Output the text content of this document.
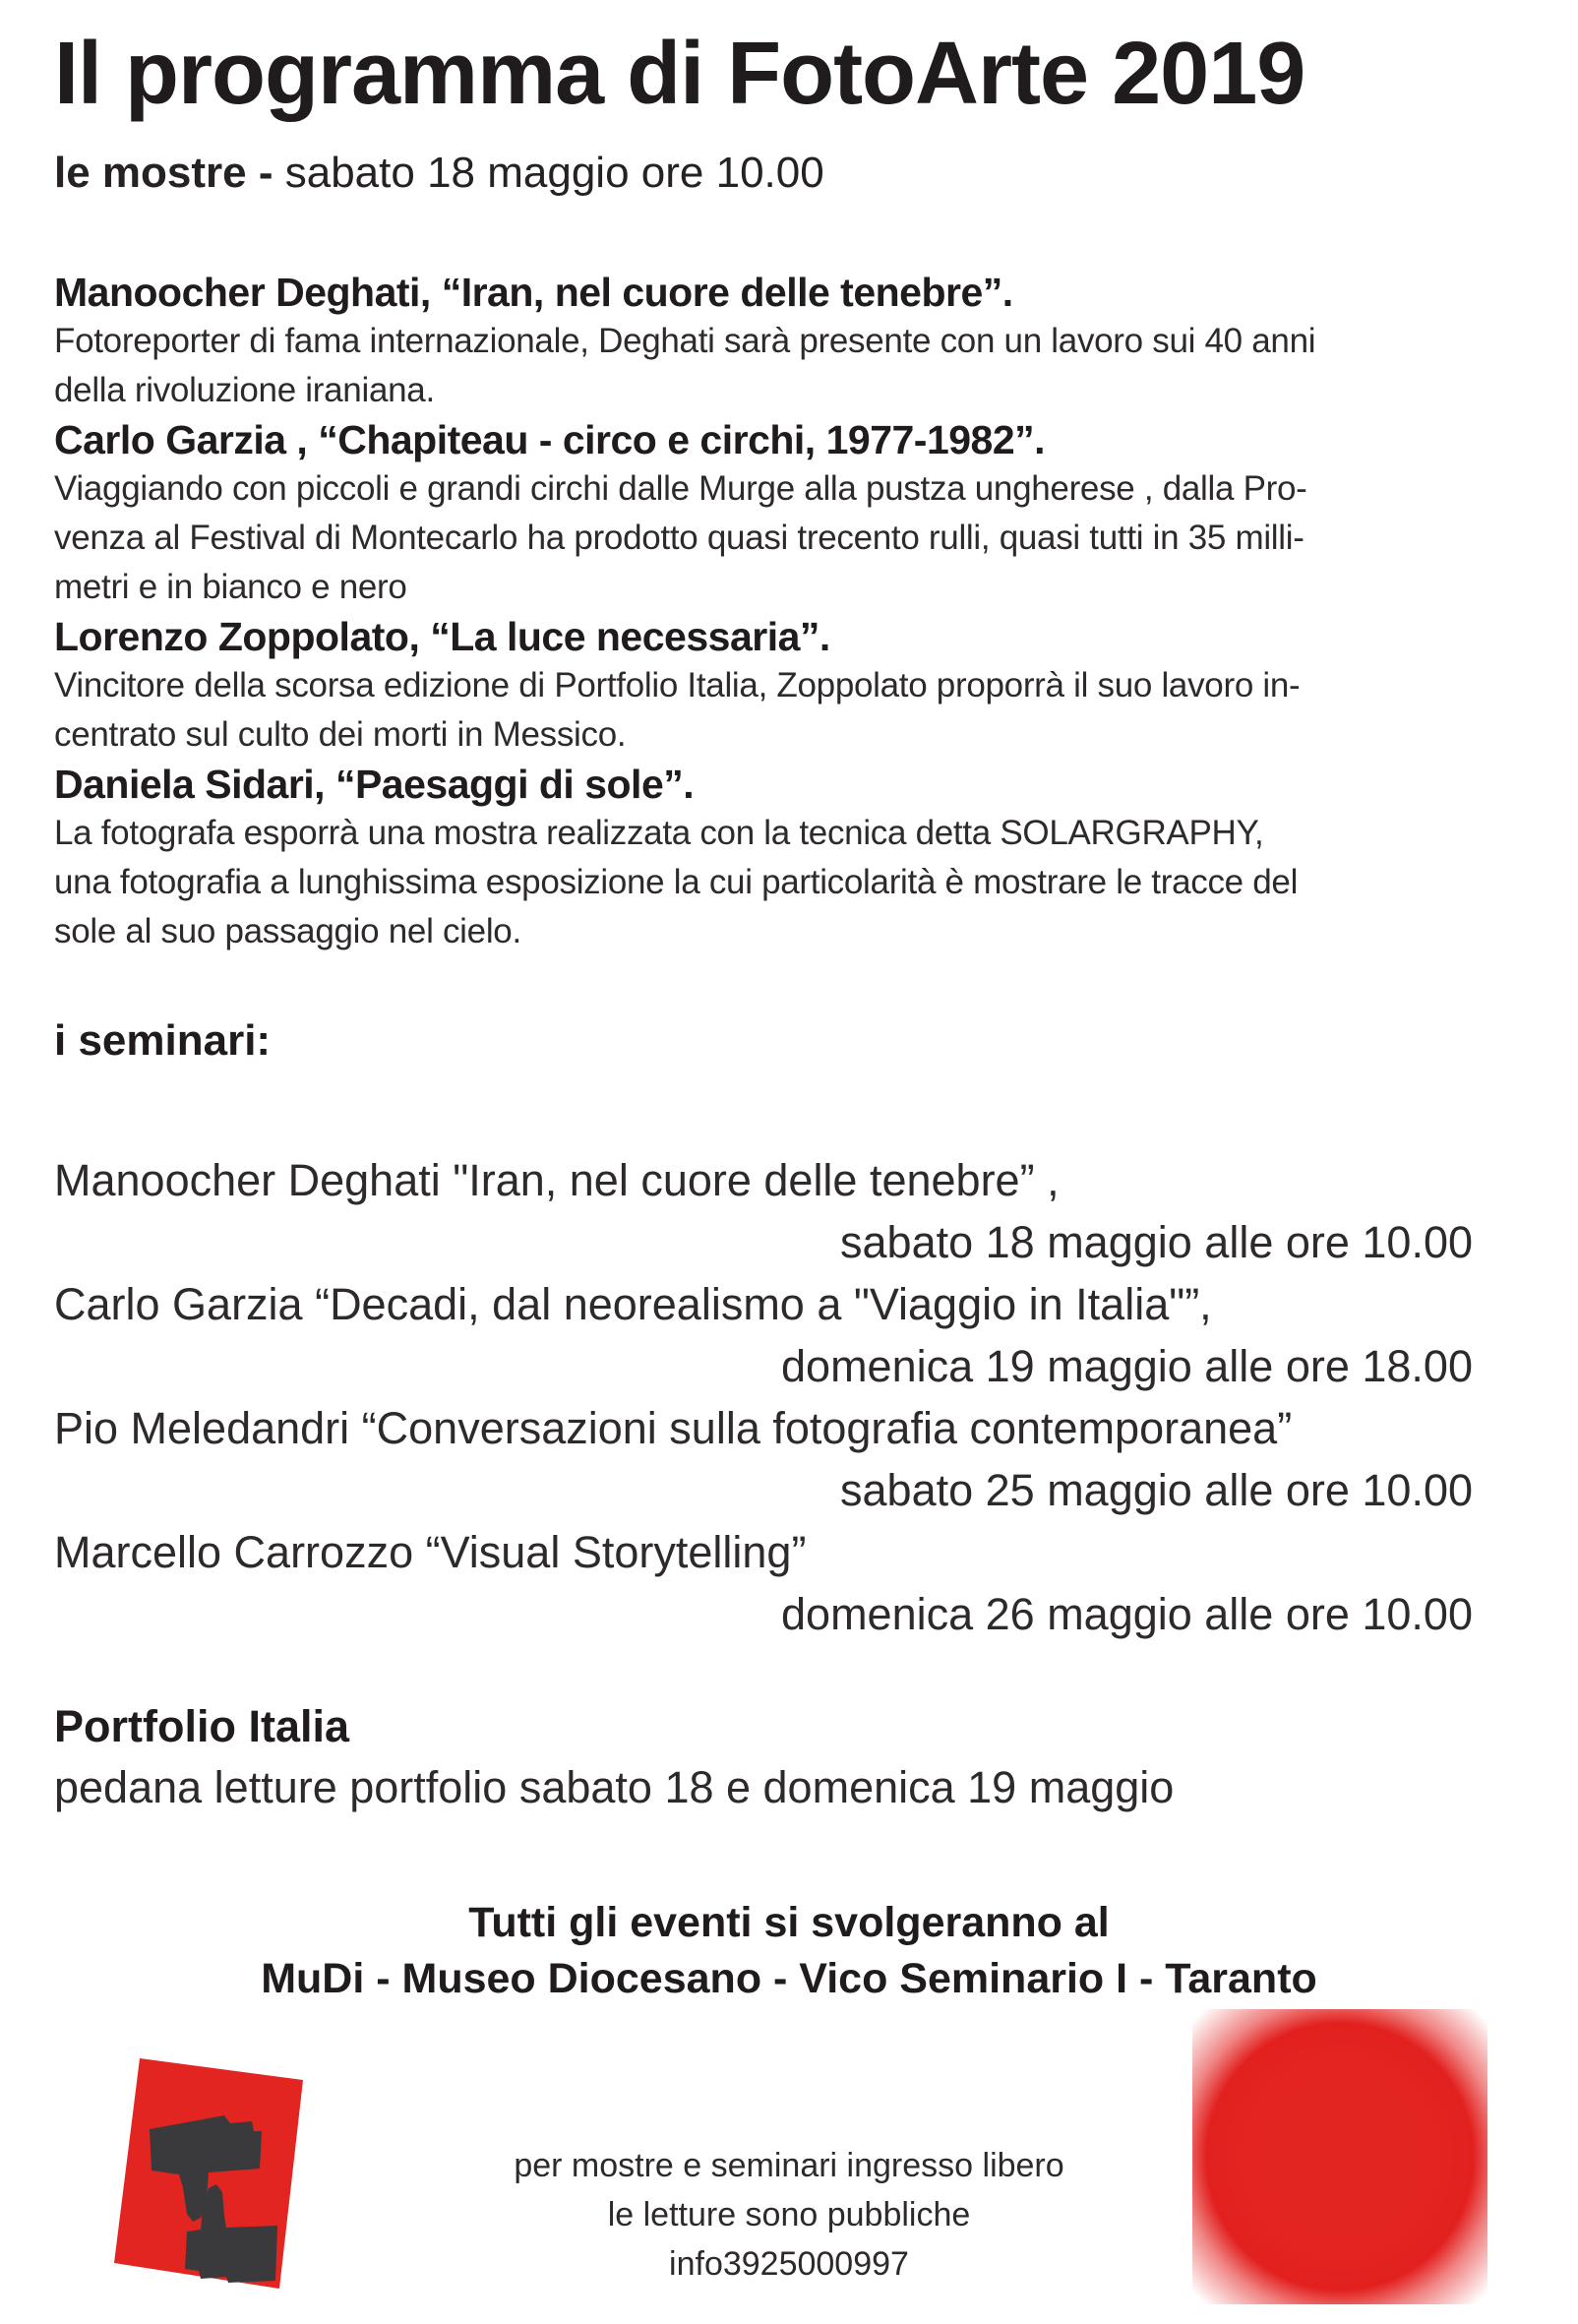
Il programma di FotoArte 2019

le mostre - sabato 18 maggio ore 10.00

Manoocher Deghati, “Iran, nel cuore delle tenebre”.
Fotoreporter di fama internazionale, Deghati sarà presente con un lavoro sui 40 anni
della rivoluzione iraniana.
Carlo Garzia , “Chapiteau - circo e circhi, 1977-1982”.
Viaggiando con piccoli e grandi circhi dalle Murge alla pustza ungherese , dalla Pro-
venza al Festival di Montecarlo ha prodotto quasi trecento rulli, quasi tutti in 35 milli-
metri e in bianco e nero
Lorenzo Zoppolato, “La luce necessaria”.
Vincitore della scorsa edizione di Portfolio Italia, Zoppolato proporrà il suo lavoro in-
centrato sul culto dei morti in Messico.
Daniela Sidari, “Paesaggi di sole”.
La fotografa esporrà una mostra realizzata con la tecnica detta SOLARGRAPHY,
una fotografia a lunghissima esposizione la cui particolarità è mostrare le tracce del
sole al suo passaggio nel cielo.
i seminari:
Manoocher Deghati "Iran, nel cuore delle tenebre” ,
sabato 18 maggio alle ore 10.00
Carlo Garzia “Decadi, dal neorealismo a "Viaggio in Italia"”,
domenica 19 maggio alle ore 18.00
Pio Meledandri “Conversazioni sulla fotografia contemporanea”
sabato 25 maggio alle ore 10.00
Marcello Carrozzo “Visual Storytelling”
domenica 26 maggio alle ore 10.00
Portfolio Italia
pedana letture portfolio sabato 18 e domenica 19 maggio
Tutti gli eventi si svolgeranno al
MuDi - Museo Diocesano - Vico Seminario I - Taranto
per mostre e seminari ingresso libero
le letture sono pubbliche
info3925000997
